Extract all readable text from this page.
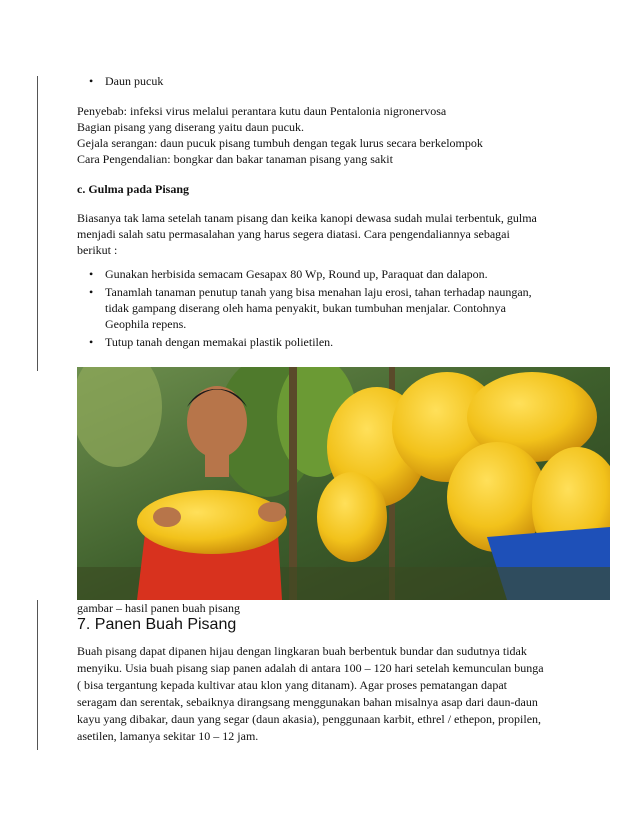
• Daun pucuk
Penyebab: infeksi virus melalui perantara kutu daun Pentalonia nigronervosa
Bagian pisang yang diserang yaitu daun pucuk.
Gejala serangan: daun pucuk pisang tumbuh dengan tegak lurus secara berkelompok
Cara Pengendalian: bongkar dan bakar tanaman pisang yang sakit
c. Gulma pada Pisang
Biasanya tak lama setelah tanam pisang dan keika kanopi dewasa sudah mulai terbentuk, gulma
menjadi salah satu permasalahan yang harus segera diatasi. Cara pengendaliannya sebagai
berikut :
• Gunakan herbisida semacam Gesapax 80 Wp, Round up, Paraquat dan dalapon.
• Tanamlah tanaman penutup tanah yang bisa menahan laju erosi, tahan terhadap naungan,
tidak gampang diserang oleh hama penyakit, bukan tumbuhan menjalar. Contohnya
Geophila repens.
• Tutup tanah dengan memakai plastik polietilen.
gambar – hasil panen buah pisang
7. Panen Buah Pisang
Buah pisang dapat dipanen hijau dengan lingkaran buah berbentuk bundar dan sudutnya tidak
menyiku. Usia buah pisang siap panen adalah di antara 100 – 120 hari setelah kemunculan bunga
( bisa tergantung kepada kultivar atau klon yang ditanam). Agar proses pematangan dapat
seragam dan serentak, sebaiknya dirangsang menggunakan bahan misalnya asap dari daun-daun
kayu yang dibakar, daun yang segar (daun akasia), penggunaan karbit, ethrel / ethepon, propilen,
asetilen, lamanya sekitar 10 – 12 jam.
